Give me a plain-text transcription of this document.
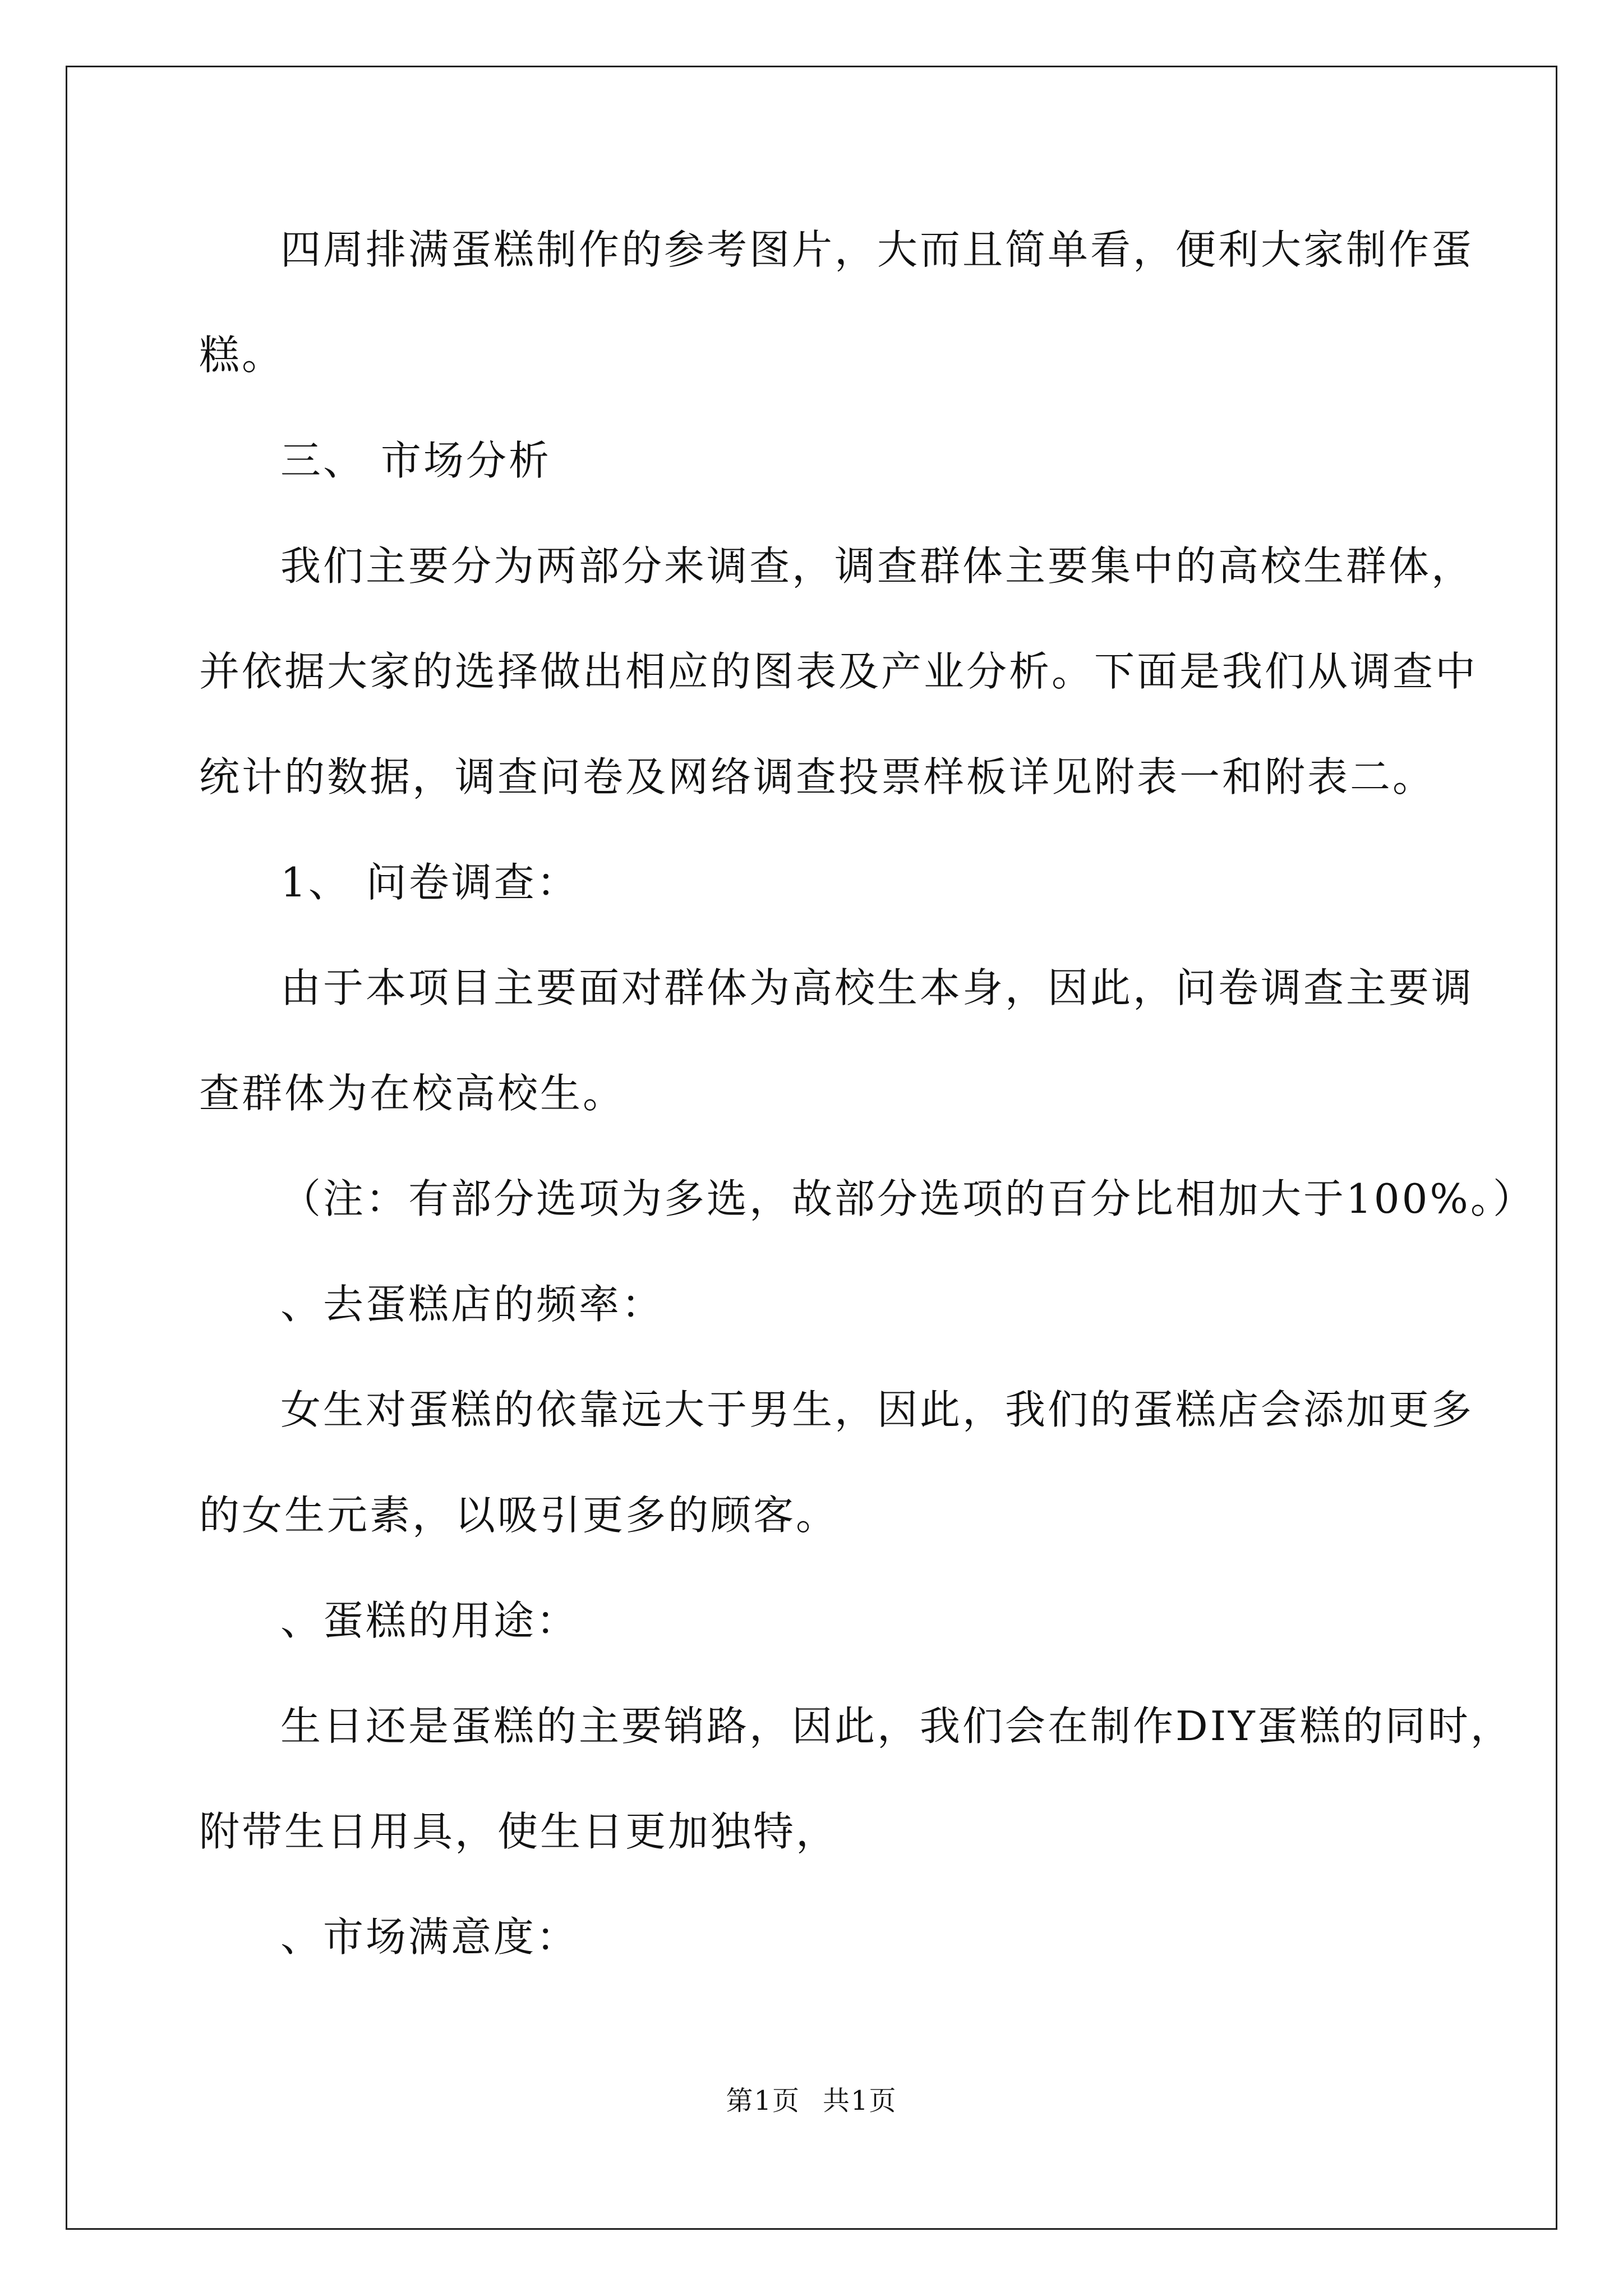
四周排满蛋糕制作的参考图片，大而且简单看，便利大家制作蛋
糕。
三、 市场分析
我们主要分为两部分来调查，调查群体主要集中的高校生群体，
并依据大家的选择做出相应的图表及产业分析。下面是我们从调查中
统计的数据，调查问卷及网络调查投票样板详见附表一和附表二。
1、 问卷调查：
由于本项目主要面对群体为高校生本身，因此，问卷调查主要调
查群体为在校高校生。
（注：有部分选项为多选，故部分选项的百分比相加大于100%。）
、去蛋糕店的频率：
女生对蛋糕的依靠远大于男生，因此，我们的蛋糕店会添加更多
的女生元素，以吸引更多的顾客。
、蛋糕的用途：
生日还是蛋糕的主要销路，因此，我们会在制作DIY蛋糕的同时，
附带生日用具，使生日更加独特，
、市场满意度：
第1页 共1页
